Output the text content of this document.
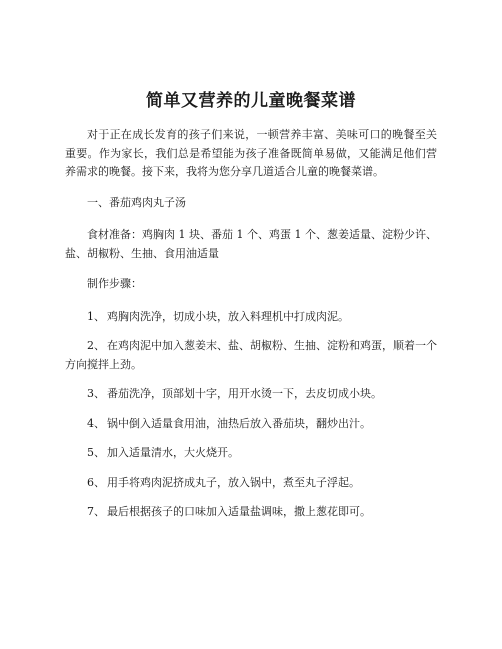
简单又营养的儿童晚餐菜谱

对于正在成长发育的孩子们来说，一顿营养丰富、美味可口的晚餐至关重要。作为家长，我们总是希望能为孩子准备既简单易做，又能满足他们营养需求的晚餐。接下来，我将为您分享几道适合儿童的晚餐菜谱。

一、番茄鸡肉丸子汤

食材准备：鸡胸肉 1 块、番茄 1 个、鸡蛋 1 个、葱姜适量、淀粉少许、盐、胡椒粉、生抽、食用油适量

制作步骤：

1、 鸡胸肉洗净，切成小块，放入料理机中打成肉泥。

2、 在鸡肉泥中加入葱姜末、盐、胡椒粉、生抽、淀粉和鸡蛋，顺着一个方向搅拌上劲。

3、 番茄洗净，顶部划十字，用开水烫一下，去皮切成小块。

4、 锅中倒入适量食用油，油热后放入番茄块，翻炒出汁。

5、 加入适量清水，大火烧开。

6、 用手将鸡肉泥挤成丸子，放入锅中，煮至丸子浮起。

7、 最后根据孩子的口味加入适量盐调味，撒上葱花即可。
